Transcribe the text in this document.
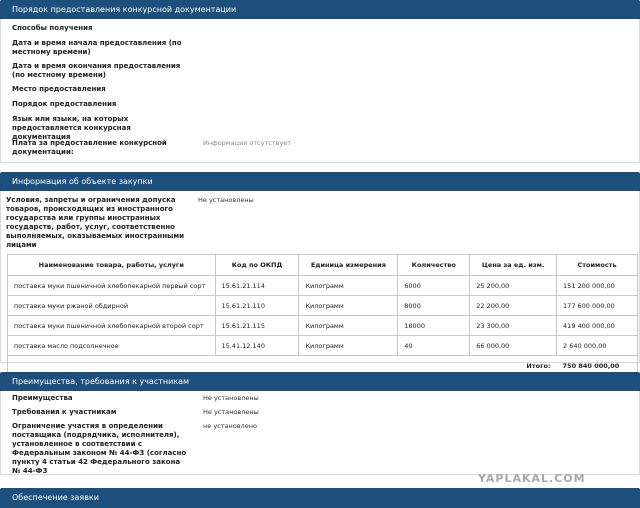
Порядок предоставления конкурсной документации
Способы получения
Дата и время начала предоставления (по местному времени)
Дата и время окончания предоставления (по местному времени)
Место предоставления
Порядок предоставления
Язык или языки, на которых предоставляется конкурсная документация
Плата за предоставление конкурсной документации:
Информация отсутствует
Информация об объекте закупки
Условия, запреты и ограничения допуска товаров, происходящих из иностранного государства или группы иностранных государств, работ, услуг, соответственно выполняемых, оказываемых иностранными лицами
Не установлены
Наименование товара, работы, услуги	Код по ОКПД	Единица измерения	Количество	Цена за ед. изм.	Стоимость
поставка муки пшеничной хлебопекарной первый сорт	15.61.21.114	Килограмм	6000	25 200,00	151 200 000,00
поставка муки ржаной обдирной	15.61.21.110	Килограмм	8000	22 200,00	177 600 000,00
поставка муки пшеничной хлебопекарной второй сорт	15.61.21.115	Килограмм	18000	23 300,00	419 400 000,00
поставка масло подсолнечное	15.41.12.140	Килограмм	40	66 000,00	2 640 000,00
Итого:					750 840 000,00
Преимущества, требования к участникам
Преимущества	Не установлены
Требования к участникам	Не установлены
Ограничение участия в определении поставщика (подрядчика, исполнителя), установленное в соответствии с Федеральным законом № 44-ФЗ (согласно пункту 4 статьи 42 Федерального закона № 44-ФЗ
не установлено
YAPLAKAL.COM
Обеспечение заявки
